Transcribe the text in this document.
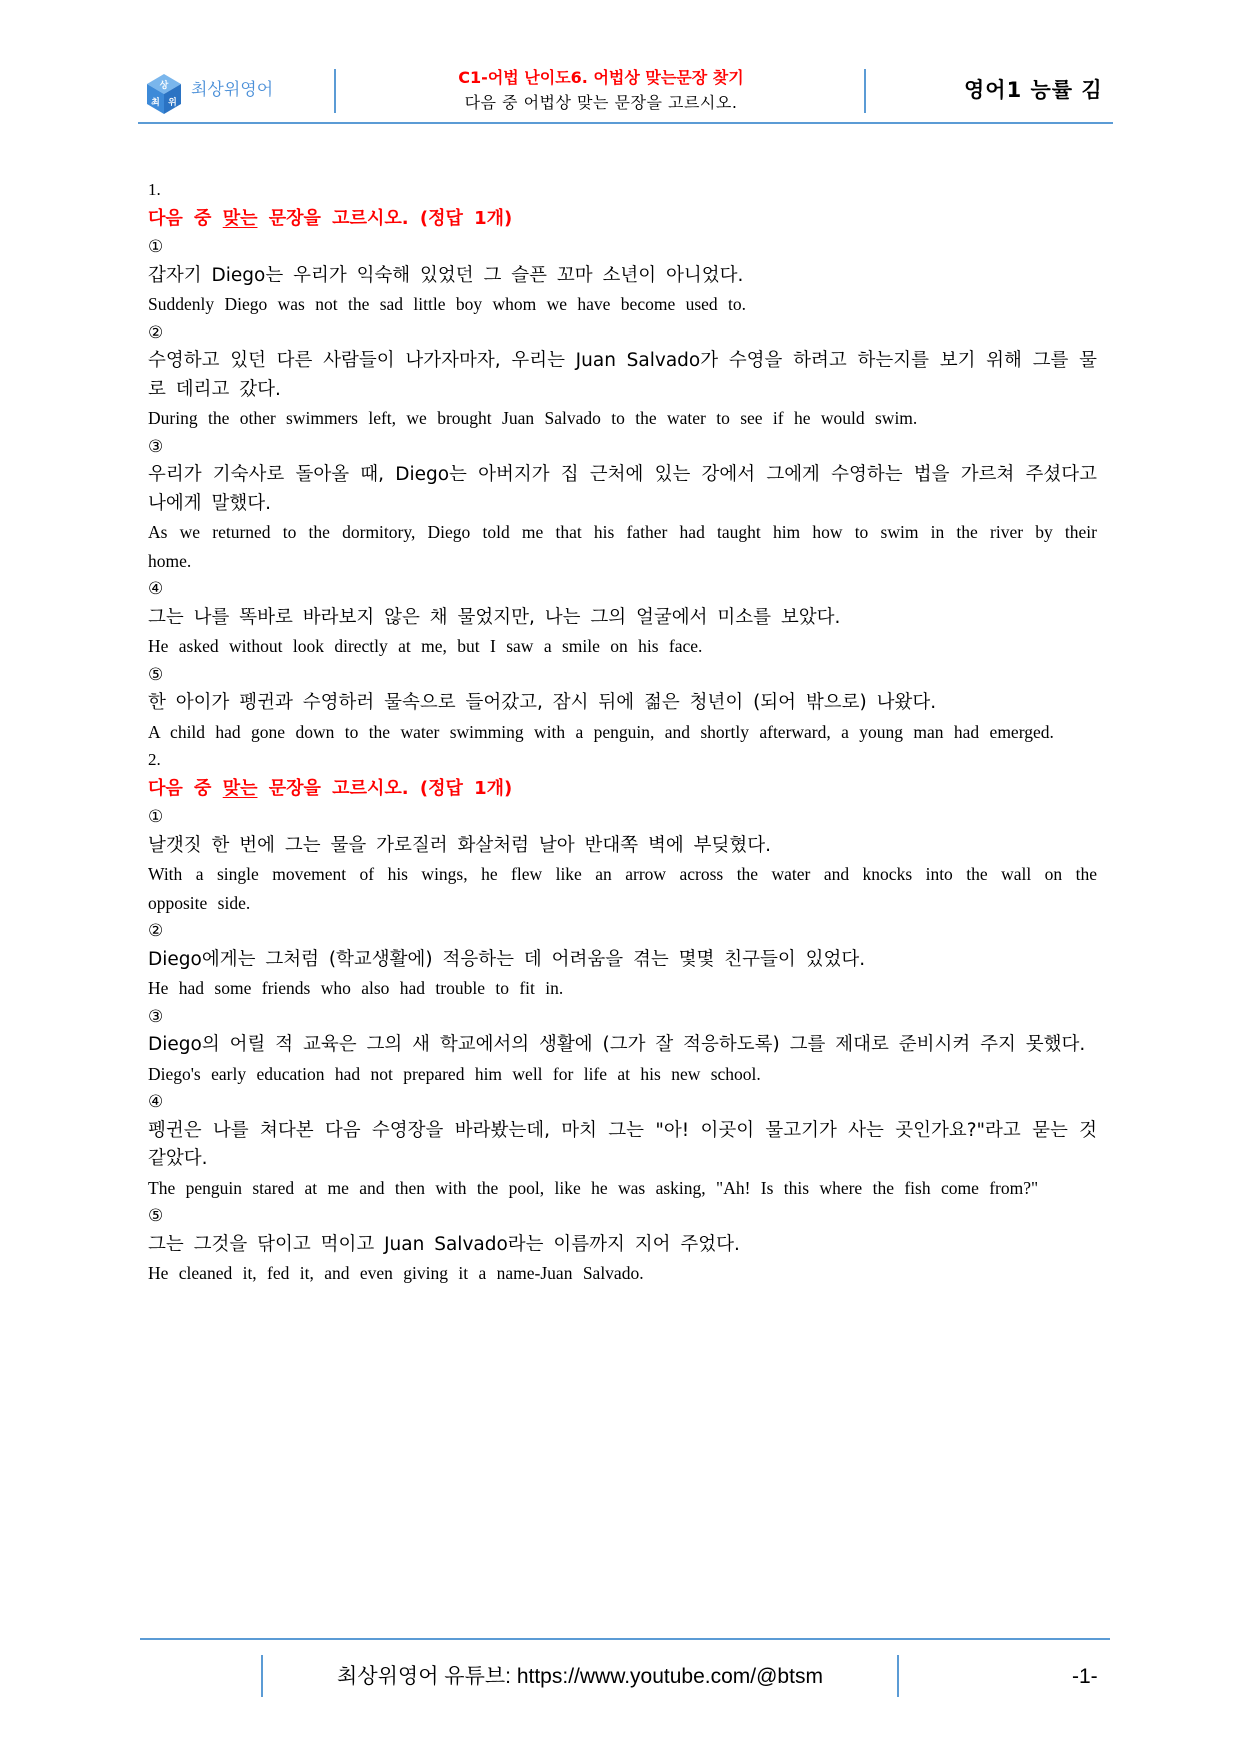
상
최 위
최상위영어
C1-어법 난이도6. 어법상 맞는문장 찾기
다음 중 어법상 맞는 문장을 고르시오.
영어1 능률 김
1.
다음 중 맞는 문장을 고르시오. (정답 1개)
①
갑자기 Diego는 우리가 익숙해 있었던 그 슬픈 꼬마 소년이 아니었다.
Suddenly Diego was not the sad little boy whom we have become used to.
②
수영하고 있던 다른 사람들이 나가자마자, 우리는 Juan Salvado가 수영을 하려고 하는지를 보기 위해 그를 물로 데리고 갔다.
During the other swimmers left, we brought Juan Salvado to the water to see if he would swim.
③
우리가 기숙사로 돌아올 때, Diego는 아버지가 집 근처에 있는 강에서 그에게 수영하는 법을 가르쳐 주셨다고 나에게 말했다.
As we returned to the dormitory, Diego told me that his father had taught him how to swim in the river by their home.
④
그는 나를 똑바로 바라보지 않은 채 물었지만, 나는 그의 얼굴에서 미소를 보았다.
He asked without look directly at me, but I saw a smile on his face.
⑤
한 아이가 펭귄과 수영하러 물속으로 들어갔고, 잠시 뒤에 젊은 청년이 (되어 밖으로) 나왔다.
A child had gone down to the water swimming with a penguin, and shortly afterward, a young man had emerged.
2.
다음 중 맞는 문장을 고르시오. (정답 1개)
①
날갯짓 한 번에 그는 물을 가로질러 화살처럼 날아 반대쪽 벽에 부딪혔다.
With a single movement of his wings, he flew like an arrow across the water and knocks into the wall on the opposite side.
②
Diego에게는 그처럼 (학교생활에) 적응하는 데 어려움을 겪는 몇몇 친구들이 있었다.
He had some friends who also had trouble to fit in.
③
Diego의 어릴 적 교육은 그의 새 학교에서의 생활에 (그가 잘 적응하도록) 그를 제대로 준비시켜 주지 못했다.
Diego's early education had not prepared him well for life at his new school.
④
펭귄은 나를 쳐다본 다음 수영장을 바라봤는데, 마치 그는 "아! 이곳이 물고기가 사는 곳인가요?"라고 묻는 것 같았다.
The penguin stared at me and then with the pool, like he was asking, "Ah! Is this where the fish come from?"
⑤
그는 그것을 닦이고 먹이고 Juan Salvado라는 이름까지 지어 주었다.
He cleaned it, fed it, and even giving it a name-Juan Salvado.
최상위영어 유튜브: https://www.youtube.com/@btsm	-1-
